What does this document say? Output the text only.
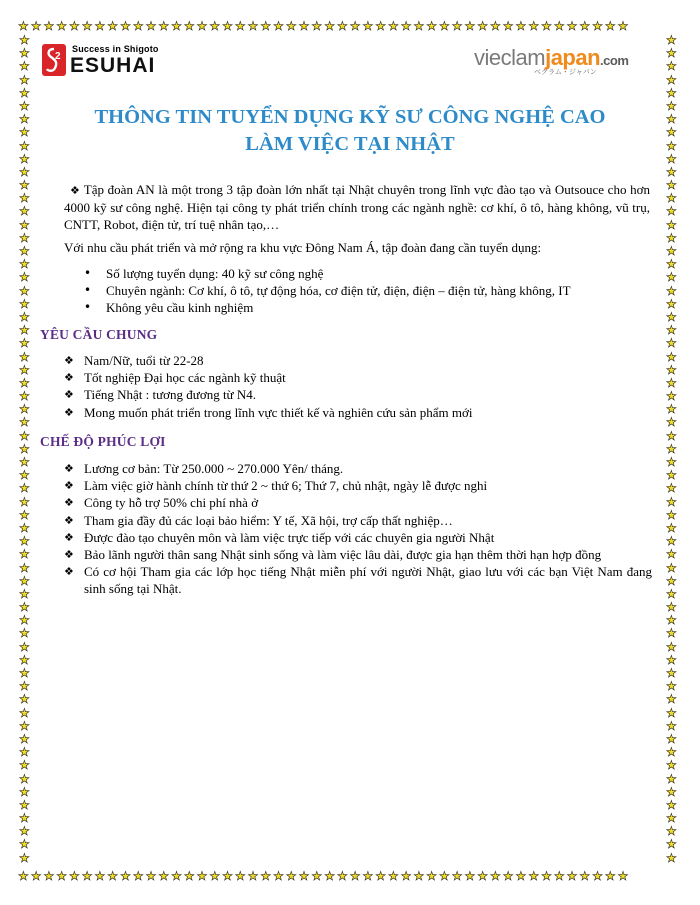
★★★★★★★★★★★★★★★★★★★★★★★★★★★★★★★★★★★★★★★★★★★★★★★★
★★★★★★★★★★★★★★★★★★★★★★★★★★★★★★★★★★★★★★★★★★★★★★★★
★
★
★
★
★
★
★
★
★
★
★
★
★
★
★
★
★
★
★
★
★
★
★
★
★
★
★
★
★
★
★
★
★
★
★
★
★
★
★
★
★
★
★
★
★
★
★
★
★
★
★
★
★
★
★
★
★
★
★
★
★
★
★
★
★
★
★
★
★
★
★
★
★
★
★
★
★
★
★
★
★
★
★
★
★
★
★
★
★
★
★
★
★
★
★
★
★
★
★
★
★
★
★
★
★
★
★
★
★
★
★
★
★
★
★
★
★
★
★
★
★
★
★
★
★
★
2
Success in Shigoto
ESUHAI	vieclamjapan.com
ベクラム・ジャパン
THÔNG TIN TUYỂN DỤNG KỸ SƯ CÔNG NGHỆ CAO
LÀM VIỆC TẠI NHẬT
❖ Tập đoàn AN là một trong 3 tập đoàn lớn nhất tại Nhật chuyên trong lĩnh vực đào tạo và Outsouce cho hơn 4000 kỹ sư công nghệ. Hiện tại công ty phát triển chính trong các ngành nghề: cơ khí, ô tô, hàng không, vũ trụ, CNTT, Robot, điện tử, trí tuệ nhân tạo,…
Với nhu cầu phát triển và mở rộng ra khu vực Đông Nam Á, tập đoàn đang cần tuyển dụng:
• Số lượng tuyển dụng: 40 kỹ sư công nghệ
• Chuyên ngành: Cơ khí, ô tô, tự động hóa, cơ điện tử, điện, điện – điện tử, hàng không, IT
• Không yêu cầu kinh nghiệm
YÊU CẦU CHUNG
❖ Nam/Nữ, tuổi từ 22-28
❖ Tốt nghiệp Đại học các ngành kỹ thuật
❖ Tiếng Nhật : tương đương từ N4.
❖ Mong muốn phát triển trong lĩnh vực thiết kế và nghiên cứu sản phẩm mới
CHẾ ĐỘ PHÚC LỢI
❖ Lương cơ bản: Từ 250.000 ~ 270.000 Yên/ tháng.
❖ Làm việc giờ hành chính từ thứ 2 ~ thứ 6; Thứ 7, chủ nhật, ngày lễ được nghỉ
❖ Công ty hỗ trợ 50% chi phí nhà ở
❖ Tham gia đầy đủ các loại bảo hiểm: Y tế, Xã hội, trợ cấp thất nghiệp…
❖ Được đào tạo chuyên môn và làm việc trực tiếp với các chuyên gia người Nhật
❖ Bảo lãnh người thân sang Nhật sinh sống và làm việc lâu dài, được gia hạn thêm thời hạn hợp đồng
❖ Có cơ hội Tham gia các lớp học tiếng Nhật miễn phí với người Nhật, giao lưu với các bạn Việt Nam đang sinh sống tại Nhật.
